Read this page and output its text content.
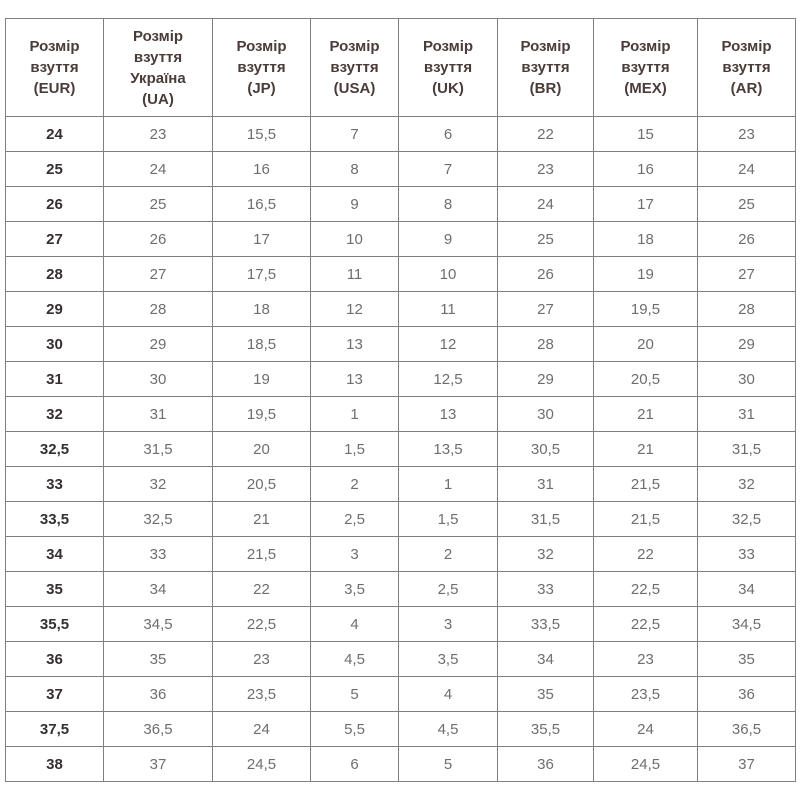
Розмір взуття (EUR)	Розмір взуття Україна (UA)	Розмір взуття (JP)	Розмір взуття (USA)	Розмір взуття (UK)	Розмір взуття (BR)	Розмір взуття (MEX)	Розмір взуття (AR)
24	23	15,5	7	6	22	15	23
25	24	16	8	7	23	16	24
26	25	16,5	9	8	24	17	25
27	26	17	10	9	25	18	26
28	27	17,5	11	10	26	19	27
29	28	18	12	11	27	19,5	28
30	29	18,5	13	12	28	20	29
31	30	19	13	12,5	29	20,5	30
32	31	19,5	1	13	30	21	31
32,5	31,5	20	1,5	13,5	30,5	21	31,5
33	32	20,5	2	1	31	21,5	32
33,5	32,5	21	2,5	1,5	31,5	21,5	32,5
34	33	21,5	3	2	32	22	33
35	34	22	3,5	2,5	33	22,5	34
35,5	34,5	22,5	4	3	33,5	22,5	34,5
36	35	23	4,5	3,5	34	23	35
37	36	23,5	5	4	35	23,5	36
37,5	36,5	24	5,5	4,5	35,5	24	36,5
38	37	24,5	6	5	36	24,5	37
